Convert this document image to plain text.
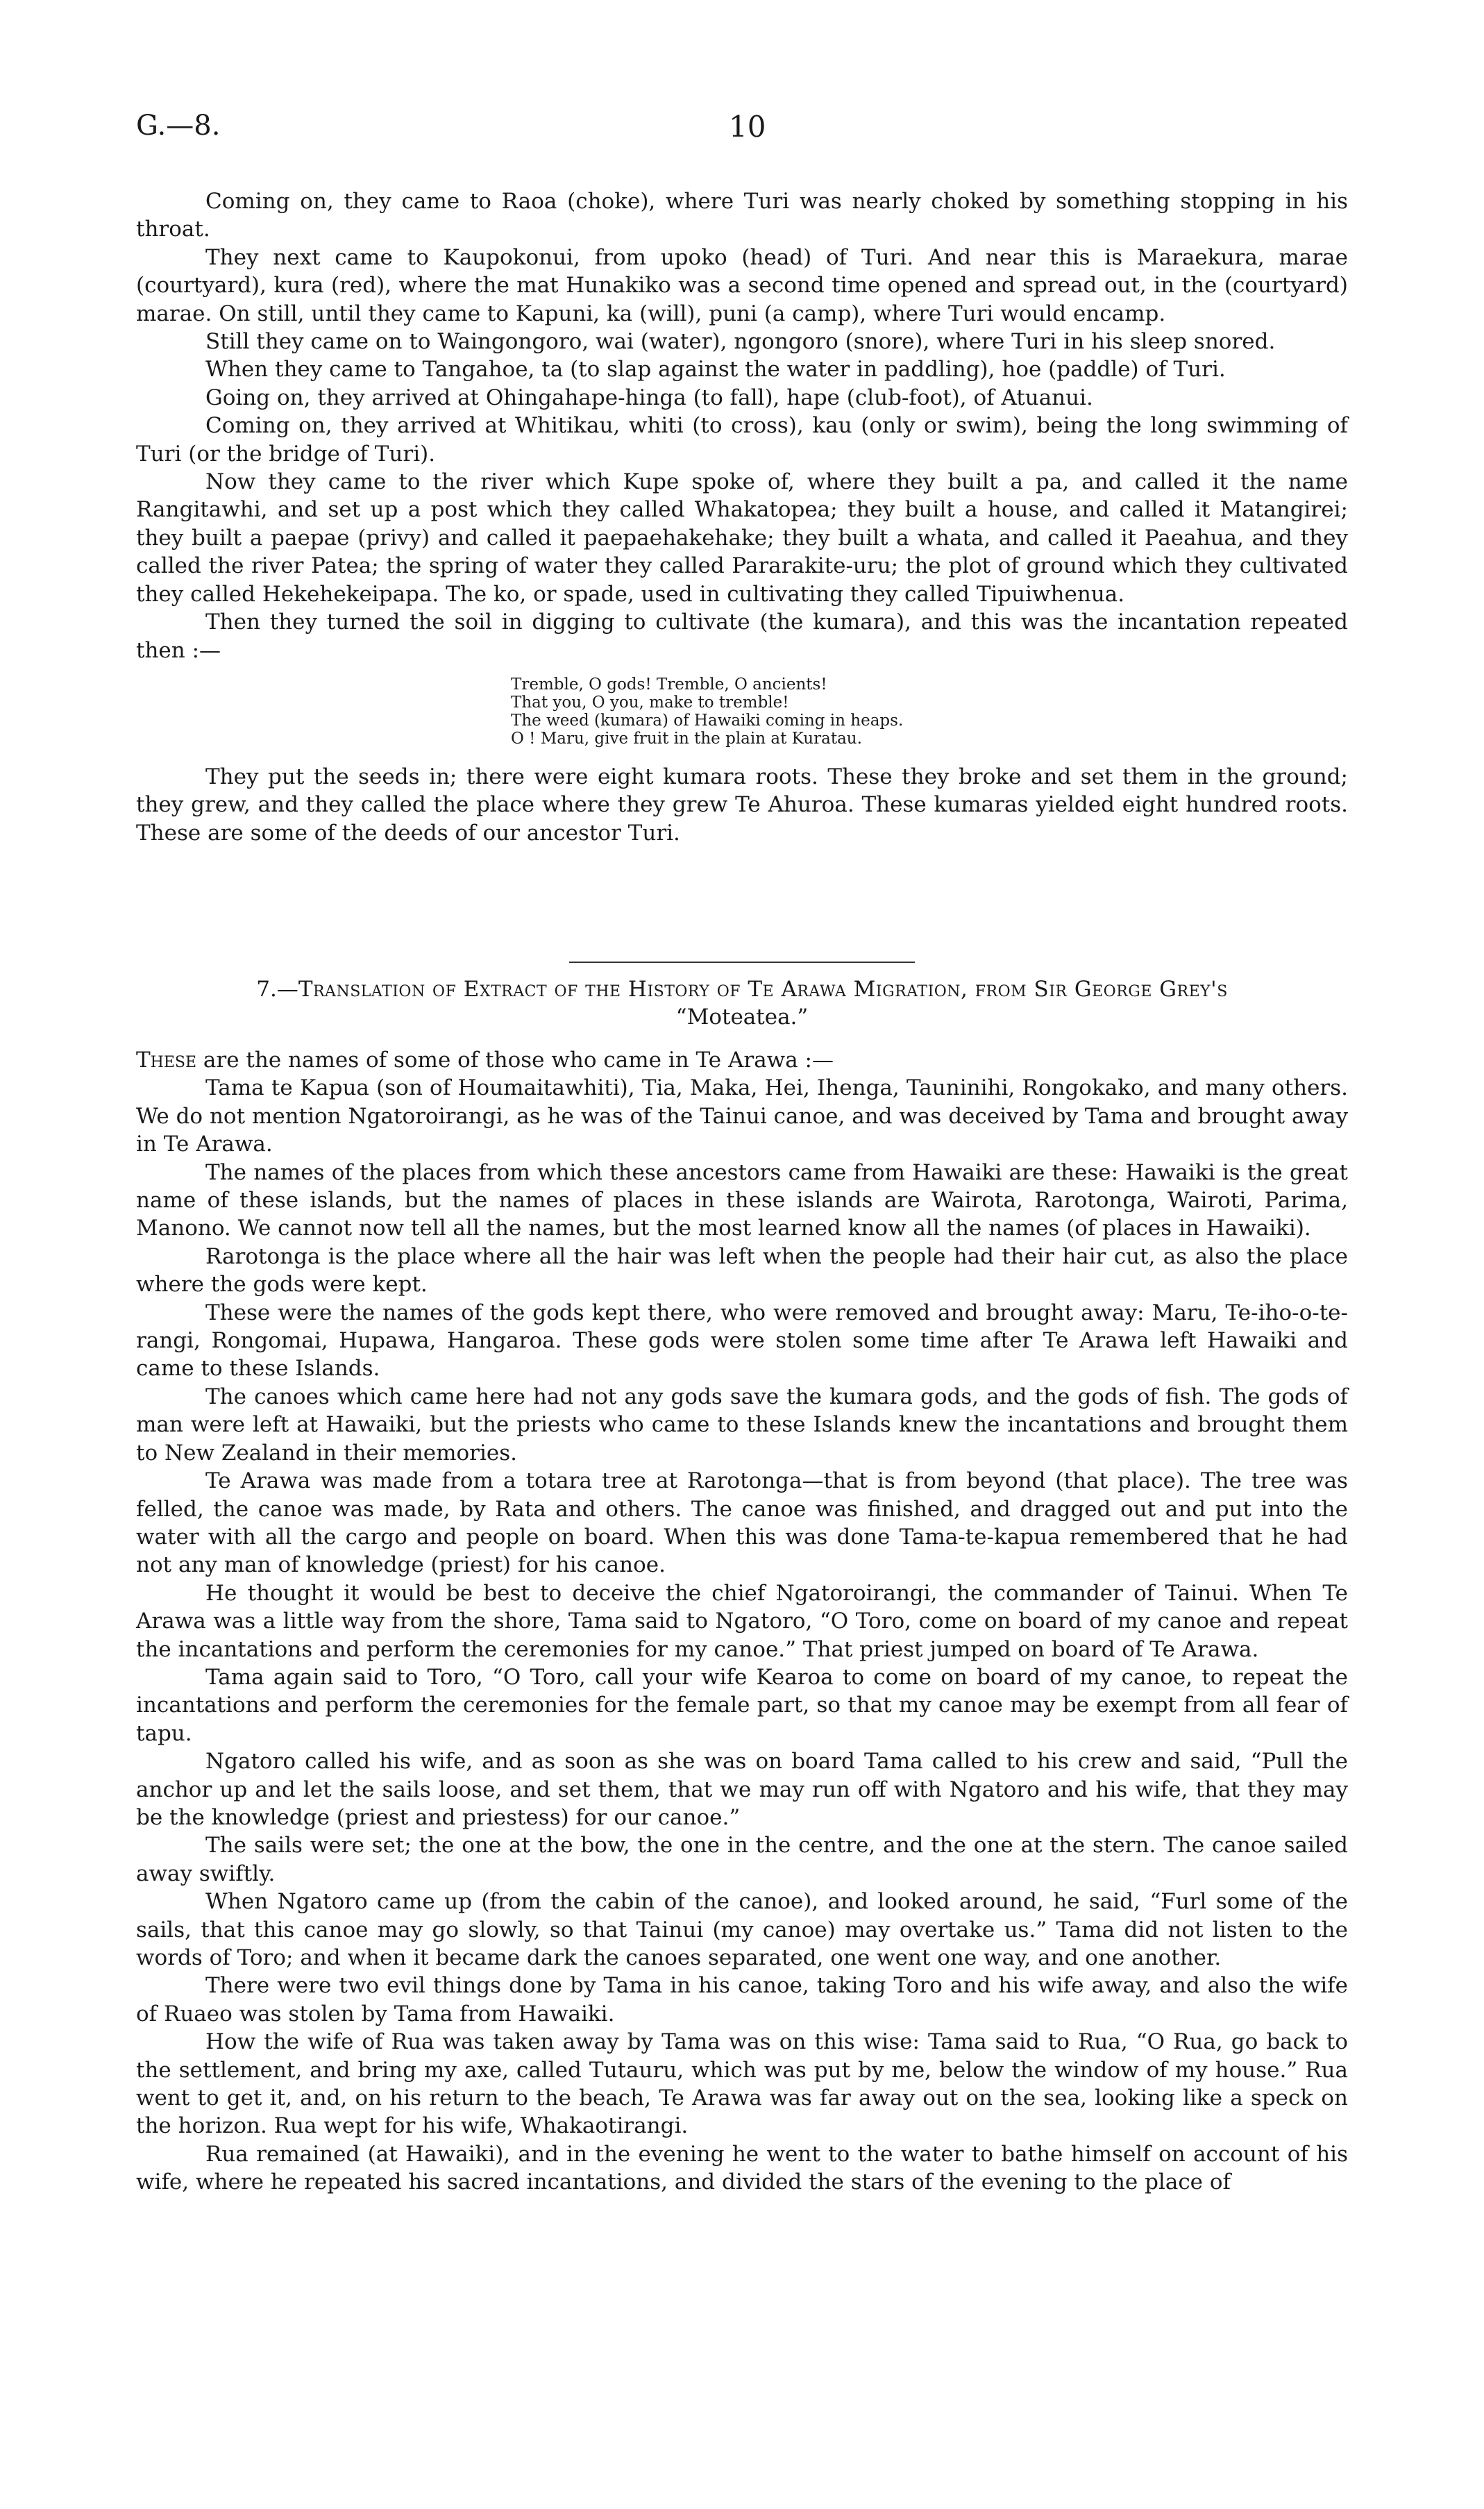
G.—8.	10

Coming on, they came to Raoa (choke), where Turi was nearly choked by something stopping in his throat.

They next came to Kaupokonui, from upoko (head) of Turi. And near this is Maraekura, marae (courtyard), kura (red), where the mat Hunakiko was a second time opened and spread out, in the (courtyard) marae. On still, until they came to Kapuni, ka (will), puni (a camp), where Turi would encamp.

Still they came on to Waingongoro, wai (water), ngongoro (snore), where Turi in his sleep snored.

When they came to Tangahoe, ta (to slap against the water in paddling), hoe (paddle) of Turi.

Going on, they arrived at Ohingahape-hinga (to fall), hape (club-foot), of Atuanui.

Coming on, they arrived at Whitikau, whiti (to cross), kau (only or swim), being the long swimming of Turi (or the bridge of Turi).

Now they came to the river which Kupe spoke of, where they built a pa, and called it the name Rangitawhi, and set up a post which they called Whakatopea; they built a house, and called it Matangirei; they built a paepae (privy) and called it paepaehakehake; they built a whata, and called it Paeahua, and they called the river Patea; the spring of water they called Pararakite-uru; the plot of ground which they cultivated they called Hekehekeipapa. The ko, or spade, used in cultivating they called Tipuiwhenua.

Then they turned the soil in digging to cultivate (the kumara), and this was the incantation repeated then :—

Tremble, O gods! Tremble, O ancients!
That you, O you, make to tremble!
The weed (kumara) of Hawaiki coming in heaps.
O ! Maru, give fruit in the plain at Kuratau.

They put the seeds in; there were eight kumara roots. These they broke and set them in the ground; they grew, and they called the place where they grew Te Ahuroa. These kumaras yielded eight hundred roots. These are some of the deeds of our ancestor Turi.

7.—Translation of Extract of the History of Te Arawa Migration, from Sir George Grey's
“Moteatea.”

These are the names of some of those who came in Te Arawa :—

Tama te Kapua (son of Houmaitawhiti), Tia, Maka, Hei, Ihenga, Tauninihi, Rongokako, and many others. We do not mention Ngatoroirangi, as he was of the Tainui canoe, and was deceived by Tama and brought away in Te Arawa.

The names of the places from which these ancestors came from Hawaiki are these: Hawaiki is the great name of these islands, but the names of places in these islands are Wairota, Rarotonga, Wairoti, Parima, Manono. We cannot now tell all the names, but the most learned know all the names (of places in Hawaiki).

Rarotonga is the place where all the hair was left when the people had their hair cut, as also the place where the gods were kept.

These were the names of the gods kept there, who were removed and brought away: Maru, Te-iho-o-te-rangi, Rongomai, Hupawa, Hangaroa. These gods were stolen some time after Te Arawa left Hawaiki and came to these Islands.

The canoes which came here had not any gods save the kumara gods, and the gods of fish. The gods of man were left at Hawaiki, but the priests who came to these Islands knew the incantations and brought them to New Zealand in their memories.

Te Arawa was made from a totara tree at Rarotonga—that is from beyond (that place). The tree was felled, the canoe was made, by Rata and others. The canoe was finished, and dragged out and put into the water with all the cargo and people on board. When this was done Tama-te-kapua remembered that he had not any man of knowledge (priest) for his canoe.

He thought it would be best to deceive the chief Ngatoroirangi, the commander of Tainui. When Te Arawa was a little way from the shore, Tama said to Ngatoro, “O Toro, come on board of my canoe and repeat the incantations and perform the ceremonies for my canoe.” That priest jumped on board of Te Arawa.

Tama again said to Toro, “O Toro, call your wife Kearoa to come on board of my canoe, to repeat the incantations and perform the ceremonies for the female part, so that my canoe may be exempt from all fear of tapu.

Ngatoro called his wife, and as soon as she was on board Tama called to his crew and said, “Pull the anchor up and let the sails loose, and set them, that we may run off with Ngatoro and his wife, that they may be the knowledge (priest and priestess) for our canoe.”

The sails were set; the one at the bow, the one in the centre, and the one at the stern. The canoe sailed away swiftly.

When Ngatoro came up (from the cabin of the canoe), and looked around, he said, “Furl some of the sails, that this canoe may go slowly, so that Tainui (my canoe) may overtake us.” Tama did not listen to the words of Toro; and when it became dark the canoes separated, one went one way, and one another.

There were two evil things done by Tama in his canoe, taking Toro and his wife away, and also the wife of Ruaeo was stolen by Tama from Hawaiki.

How the wife of Rua was taken away by Tama was on this wise: Tama said to Rua, “O Rua, go back to the settlement, and bring my axe, called Tutauru, which was put by me, below the window of my house.” Rua went to get it, and, on his return to the beach, Te Arawa was far away out on the sea, looking like a speck on the horizon. Rua wept for his wife, Whakaotirangi.

Rua remained (at Hawaiki), and in the evening he went to the water to bathe himself on account of his wife, where he repeated his sacred incantations, and divided the stars of the evening to the place of
